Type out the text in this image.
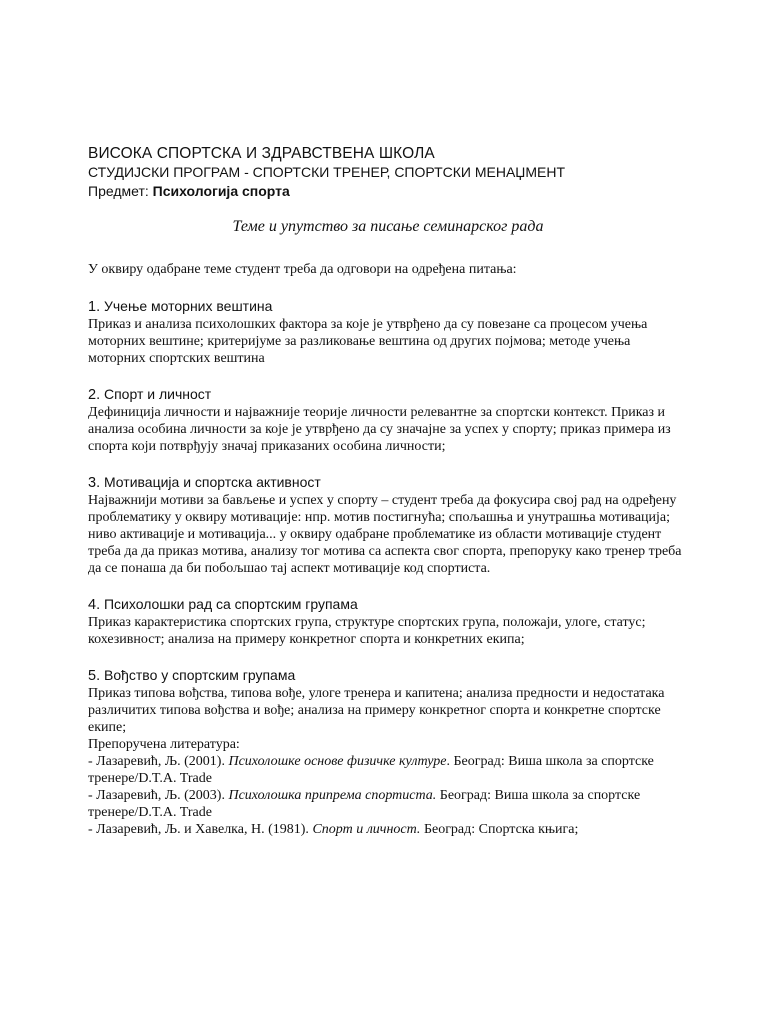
ВИСОКА СПОРТСКА И ЗДРАВСТВЕНА ШКОЛА
СТУДИЈСКИ ПРОГРАМ - СПОРТСКИ ТРЕНЕР, СПОРТСКИ МЕНАЏМЕНТ
Предмет: Психологија спорта
Теме и упутство за писање семинарског рада
У оквиру одабране теме студент треба да одговори на одређена питања:
1. Учење моторних вештина
Приказ и анализа психолошких фактора за које је утврђено да су повезане са процесом учења моторних вештине; критеријуме за разликовање вештина од других појмова; методе учења моторних спортских вештина
2. Спорт и личност
Дефиниција личности и најважније теорије личности релевантне за спортски контекст. Приказ и анализа особина личности за које је утврђено да су значајне за успех у спорту; приказ примера из спорта који потврђују значај приказаних особина личности;
3. Мотивација и спортска активност
Најважнији мотиви за бављење и успех у спорту – студент треба да фокусира свој рад на одређену проблематику у оквиру мотивације: нпр. мотив постигнућа; спољашња и унутрашња мотивација; ниво активације и мотивација... у оквиру одабране проблематике из области мотивације студент треба да да приказ мотива, анализу тог мотива са аспекта свог спорта, препоруку како тренер треба да се понаша да би побољшао тај аспект мотивације код спортиста.
4. Психолошки рад са спортским групама
Приказ карактеристика спортских група, структуре спортских група, положаји, улоге, статус; кохезивност; анализа на примеру конкретног спорта и конкретних екипа;
5. Вођство у спортским групама
Приказ типова вођства, типова вође, улоге тренера и капитена; анализа предности и недостатака различитих типова вођства и вође; анализа на примеру конкретног спорта и конкретне спортске екипе;
Препоручена литература:
- Лазаревић, Љ. (2001). Психолошке основе физичке културе. Београд: Виша школа за спортске тренере/D.T.A. Trade
- Лазаревић, Љ. (2003). Психолошка припрема спортиста. Београд: Виша школа за спортске тренере/D.T.A. Trade
- Лазаревић, Љ. и Хавелка, Н. (1981). Спорт и личност. Београд: Спортска књига;
